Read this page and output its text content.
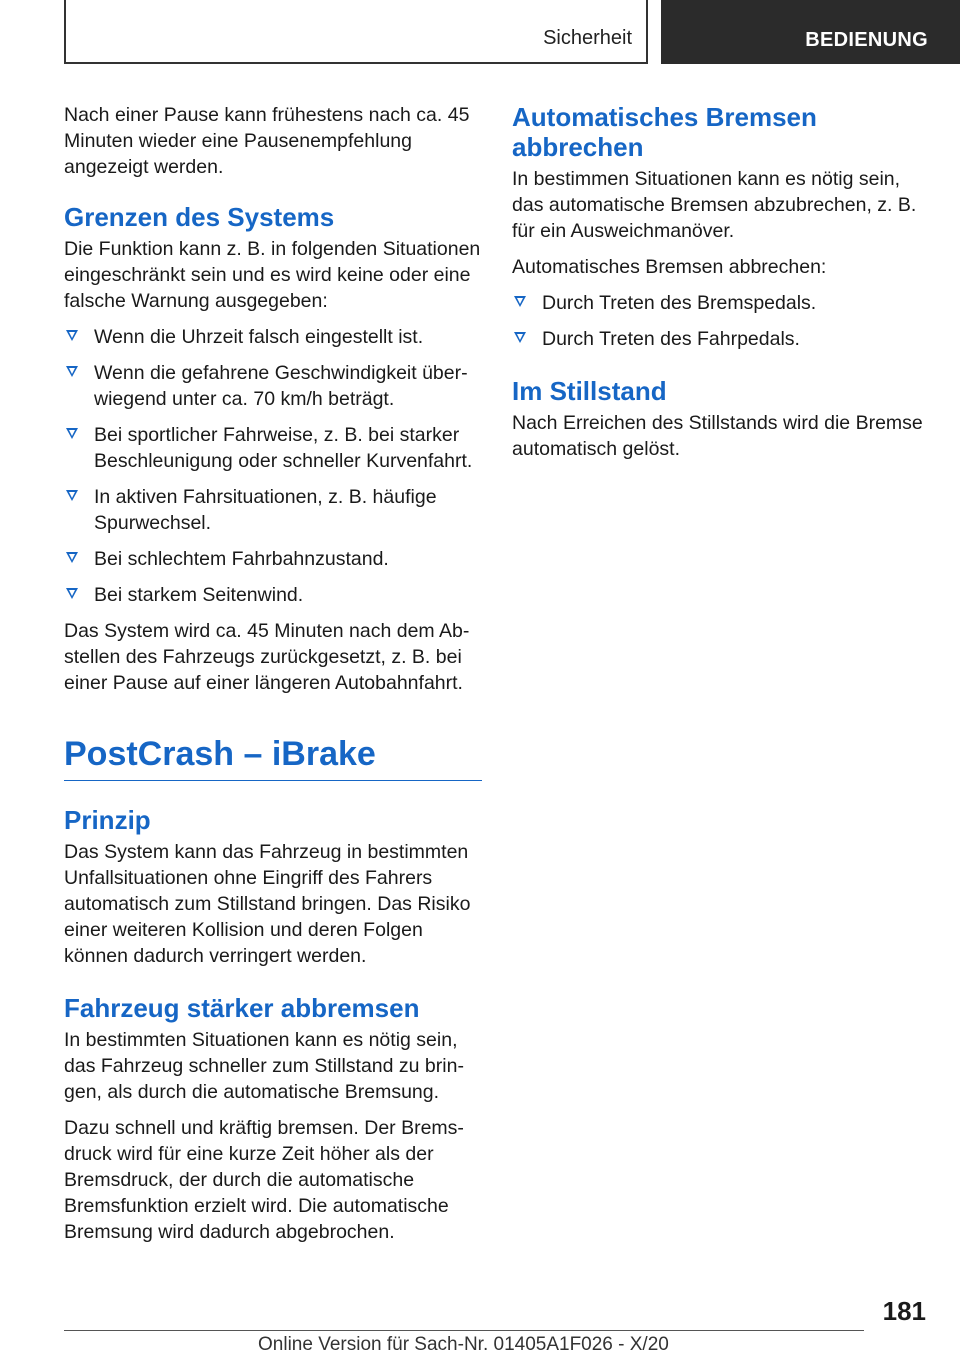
Sicherheit	BEDIENUNG

Nach einer Pause kann frühestens nach ca. 45 Minuten wieder eine Pausenempfehlung angezeigt werden.

Grenzen des Systems

Die Funktion kann z. B. in folgenden Situationen eingeschränkt sein und es wird keine oder eine falsche Warnung ausgegeben:

Wenn die Uhrzeit falsch eingestellt ist.
Wenn die gefahrene Geschwindigkeit überwiegend unter ca. 70 km/h beträgt.
Bei sportlicher Fahrweise, z. B. bei starker Beschleunigung oder schneller Kurvenfahrt.
In aktiven Fahrsituationen, z. B. häufige Spurwechsel.
Bei schlechtem Fahrbahnzustand.
Bei starkem Seitenwind.

Das System wird ca. 45 Minuten nach dem Abstellen des Fahrzeugs zurückgesetzt, z. B. bei einer Pause auf einer längeren Autobahnfahrt.

PostCrash – iBrake
Prinzip

Das System kann das Fahrzeug in bestimmten Unfallsituationen ohne Eingriff des Fahrers automatisch zum Stillstand bringen. Das Risiko einer weiteren Kollision und deren Folgen können dadurch verringert werden.

Fahrzeug stärker abbremsen

In bestimmten Situationen kann es nötig sein, das Fahrzeug schneller zum Stillstand zu bringen, als durch die automatische Bremsung.

Dazu schnell und kräftig bremsen. Der Bremsdruck wird für eine kurze Zeit höher als der Bremsdruck, der durch die automatische Bremsfunktion erzielt wird. Die automatische Bremsung wird dadurch abgebrochen.

Automatisches Bremsen abbrechen

In bestimmen Situationen kann es nötig sein, das automatische Bremsen abzubrechen, z. B. für ein Ausweichmanöver.

Automatisches Bremsen abbrechen:

Durch Treten des Bremspedals.
Durch Treten des Fahrpedals.
Im Stillstand

Nach Erreichen des Stillstands wird die Bremse automatisch gelöst.

181
Online Version für Sach-Nr. 01405A1F026 - X/20
